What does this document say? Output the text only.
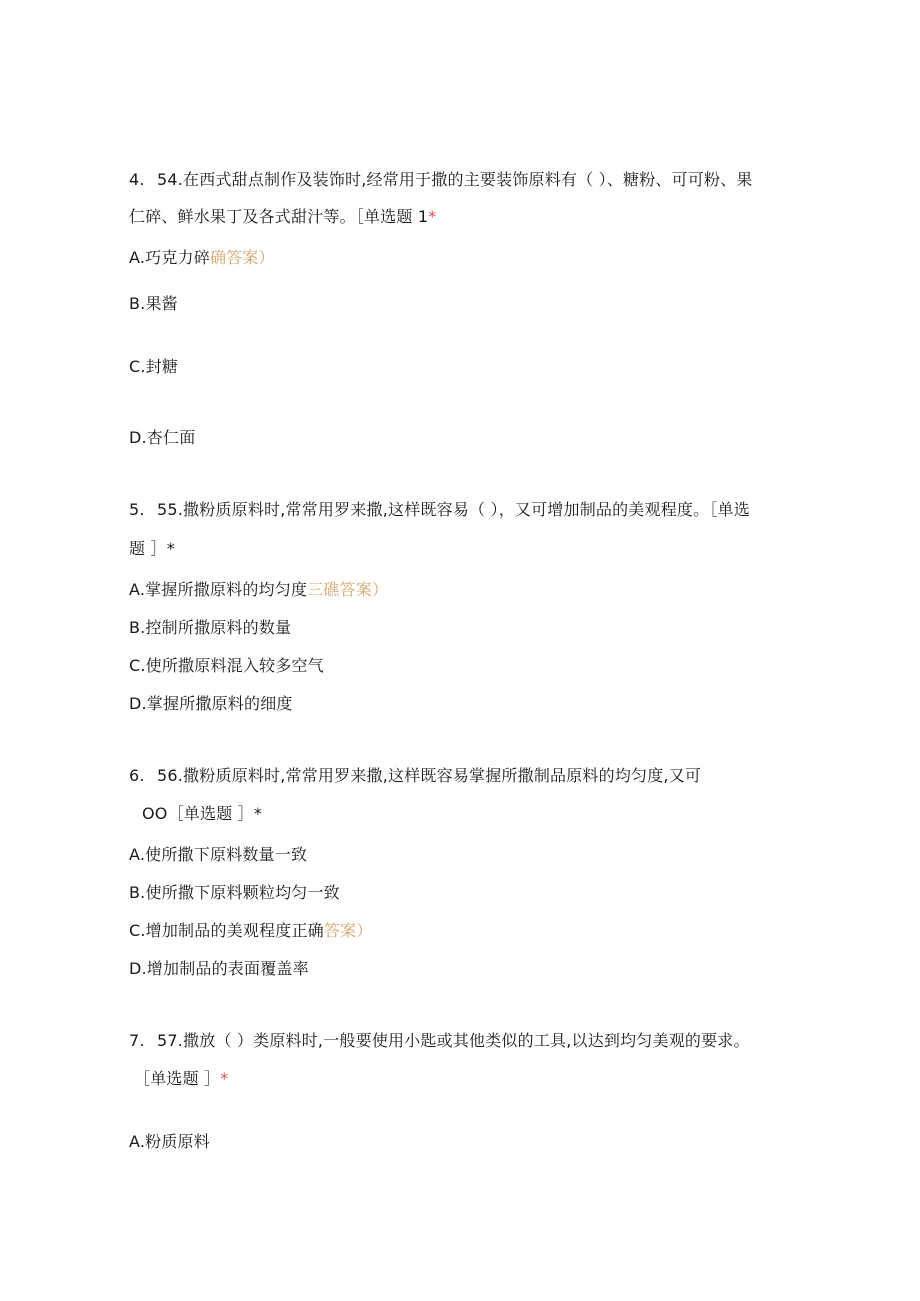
4. 54.在西式甜点制作及装饰时,经常用于撒的主要装饰原料有（ ）、糖粉、可可粉、果
仁碎、鲜水果丁及各式甜汁等。［单选题 1*
A.巧克力碎确答案）
B.果酱
C.封糖
D.杏仁面
5. 55.撒粉质原料时,常常用罗来撒,这样既容易（ ），又可增加制品的美观程度。［单选
题 ］*
A.掌握所撒原料的均匀度三礁答案）
B.控制所撒原料的数量
C.使所撒原料混入较多空气
D.掌握所撒原料的细度
6. 56.撒粉质原料时,常常用罗来撒,这样既容易掌握所撒制品原料的均匀度,又可
OO［单选题 ］*
A.使所撒下原料数量一致
B.使所撒下原料颗粒均匀一致
C.增加制品的美观程度正确答案）
D.增加制品的表面覆盖率
7. 57.撒放（ ）类原料时,一般要使用小匙或其他类似的工具,以达到均匀美观的要求。
［单选题 ］*
A.粉质原料
